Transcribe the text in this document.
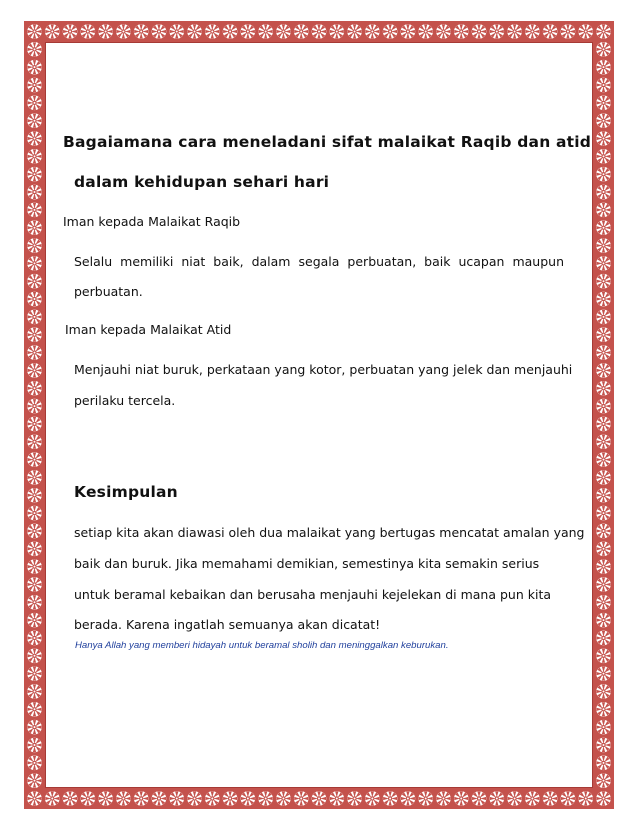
Bagaiamana cara meneladani sifat malaikat Raqib dan atid

dalam kehidupan sehari hari

Iman kepada Malaikat Raqib

Selalu memiliki niat baik, dalam segala perbuatan, baik ucapan maupun

perbuatan.

Iman kepada Malaikat Atid

Menjauhi niat buruk, perkataan yang kotor, perbuatan yang jelek dan menjauhi

perilaku tercela.

Kesimpulan

setiap kita akan diawasi oleh dua malaikat yang bertugas mencatat amalan yang

baik dan buruk. Jika memahami demikian, semestinya kita semakin serius

untuk beramal kebaikan dan berusaha menjauhi kejelekan di mana pun kita

berada. Karena ingatlah semuanya akan dicatat!

Hanya Allah yang memberi hidayah untuk beramal sholih dan meninggalkan keburukan.
